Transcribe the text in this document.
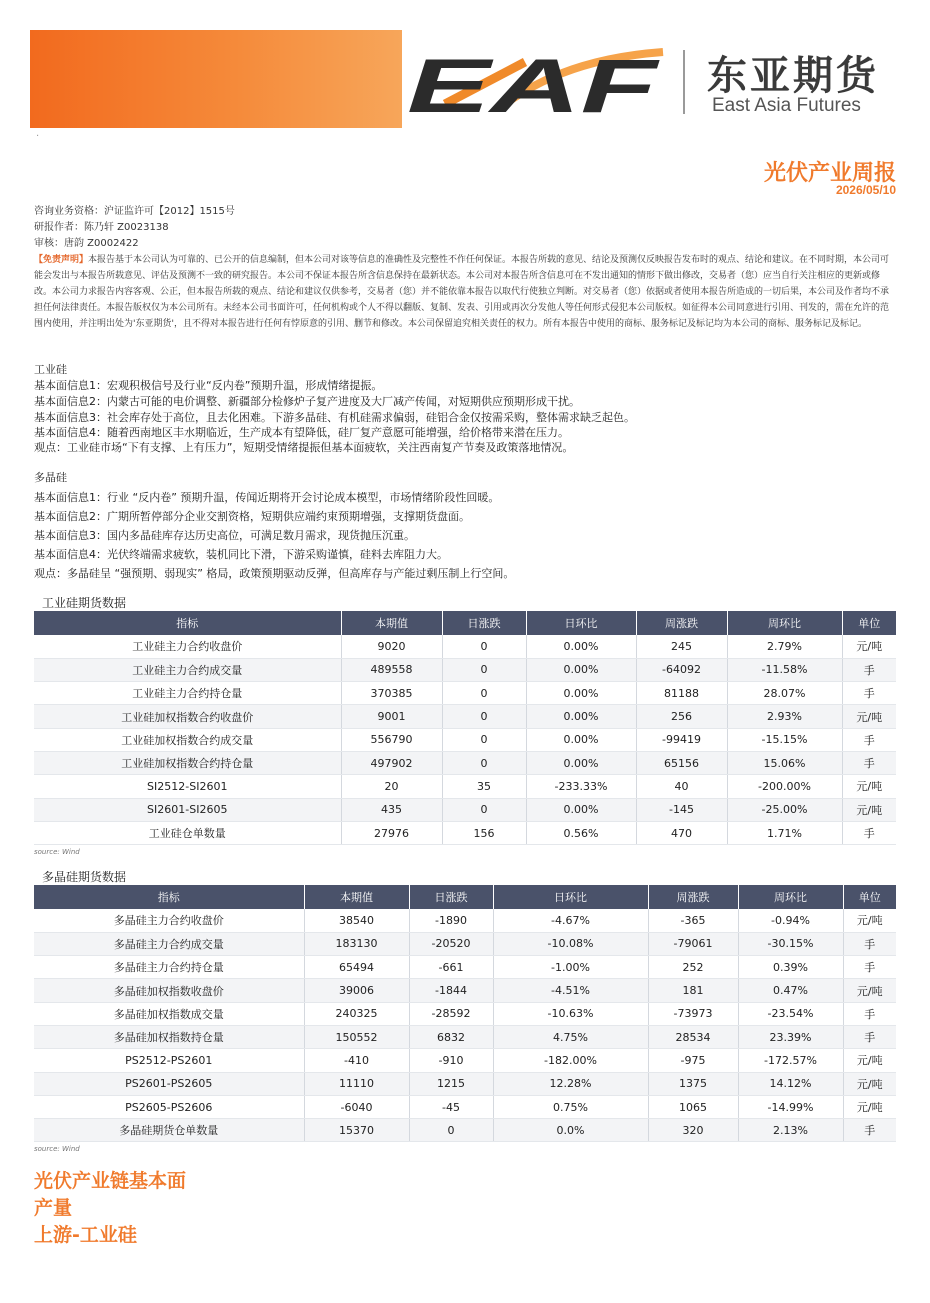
EAF 东亚期货
East Asia Futures
.
光伏产业周报
2026/05/10
咨询业务资格：沪证监许可【2012】1515号
研报作者：陈乃轩 Z0023138
审核：唐韵 Z0002422
【免责声明】本报告基于本公司认为可靠的、已公开的信息编制，但本公司对该等信息的准确性及完整性不作任何保证。本报告所载的意见、结论及预测仅反映报告发布时的观点、结论和建议。在不同时期，本公司可能会发出与本报告所载意见、评估及预测不一致的研究报告。本公司不保证本报告所含信息保持在最新状态。本公司对本报告所含信息可在不发出通知的情形下做出修改，交易者（您）应当自行关注相应的更新或修改。本公司力求报告内容客观、公正，但本报告所载的观点、结论和建议仅供参考，交易者（您）并不能依靠本报告以取代行使独立判断。对交易者（您）依据或者使用本报告所造成的一切后果，本公司及作者均不承担任何法律责任。本报告版权仅为本公司所有。未经本公司书面许可，任何机构或个人不得以翻版、复制、发表、引用或再次分发他人等任何形式侵犯本公司版权。如征得本公司同意进行引用、刊发的，需在允许的范围内使用，并注明出处为'东亚期货'，且不得对本报告进行任何有悖原意的引用、删节和修改。本公司保留追究相关责任的权力。所有本报告中使用的商标、服务标记及标记均为本公司的商标、服务标记及标记。
工业硅
基本面信息1：宏观积极信号及行业“反内卷”预期升温，形成情绪提振。
基本面信息2：内蒙古可能的电价调整、新疆部分检修炉子复产进度及大厂减产传闻，对短期供应预期形成干扰。
基本面信息3：社会库存处于高位，且去化困难。下游多晶硅、有机硅需求偏弱，硅铝合金仅按需采购，整体需求缺乏起色。
基本面信息4：随着西南地区丰水期临近，生产成本有望降低，硅厂复产意愿可能增强，给价格带来潜在压力。
观点：工业硅市场“下有支撑、上有压力”，短期受情绪提振但基本面疲软，关注西南复产节奏及政策落地情况。
多晶硅
基本面信息1：行业 “反内卷” 预期升温，传闻近期将开会讨论成本模型，市场情绪阶段性回暖。
基本面信息2：广期所暂停部分企业交割资格，短期供应端约束预期增强，支撑期货盘面。
基本面信息3：国内多晶硅库存达历史高位，可满足数月需求，现货抛压沉重。
基本面信息4：光伏终端需求疲软，装机同比下滑，下游采购谨慎，硅料去库阻力大。
观点：多晶硅呈 “强预期、弱现实” 格局，政策预期驱动反弹，但高库存与产能过剩压制上行空间。
工业硅期货数据
指标	本期值	日涨跌	日环比	周涨跌	周环比	单位
工业硅主力合约收盘价	9020	0	0.00%	245	2.79%	元/吨
工业硅主力合约成交量	489558	0	0.00%	-64092	-11.58%	手
工业硅主力合约持仓量	370385	0	0.00%	81188	28.07%	手
工业硅加权指数合约收盘价	9001	0	0.00%	256	2.93%	元/吨
工业硅加权指数合约成交量	556790	0	0.00%	-99419	-15.15%	手
工业硅加权指数合约持仓量	497902	0	0.00%	65156	15.06%	手
SI2512-SI2601	20	35	-233.33%	40	-200.00%	元/吨
SI2601-SI2605	435	0	0.00%	-145	-25.00%	元/吨
工业硅仓单数量	27976	156	0.56%	470	1.71%	手
source: Wind
多晶硅期货数据
指标	本期值	日涨跌	日环比	周涨跌	周环比	单位
多晶硅主力合约收盘价	38540	-1890	-4.67%	-365	-0.94%	元/吨
多晶硅主力合约成交量	183130	-20520	-10.08%	-79061	-30.15%	手
多晶硅主力合约持仓量	65494	-661	-1.00%	252	0.39%	手
多晶硅加权指数收盘价	39006	-1844	-4.51%	181	0.47%	元/吨
多晶硅加权指数成交量	240325	-28592	-10.63%	-73973	-23.54%	手
多晶硅加权指数持仓量	150552	6832	4.75%	28534	23.39%	手
PS2512-PS2601	-410	-910	-182.00%	-975	-172.57%	元/吨
PS2601-PS2605	11110	1215	12.28%	1375	14.12%	元/吨
PS2605-PS2606	-6040	-45	0.75%	1065	-14.99%	元/吨
多晶硅期货仓单数量	15370	0	0.0%	320	2.13%	手
source: Wind
光伏产业链基本面
产量
上游-工业硅
